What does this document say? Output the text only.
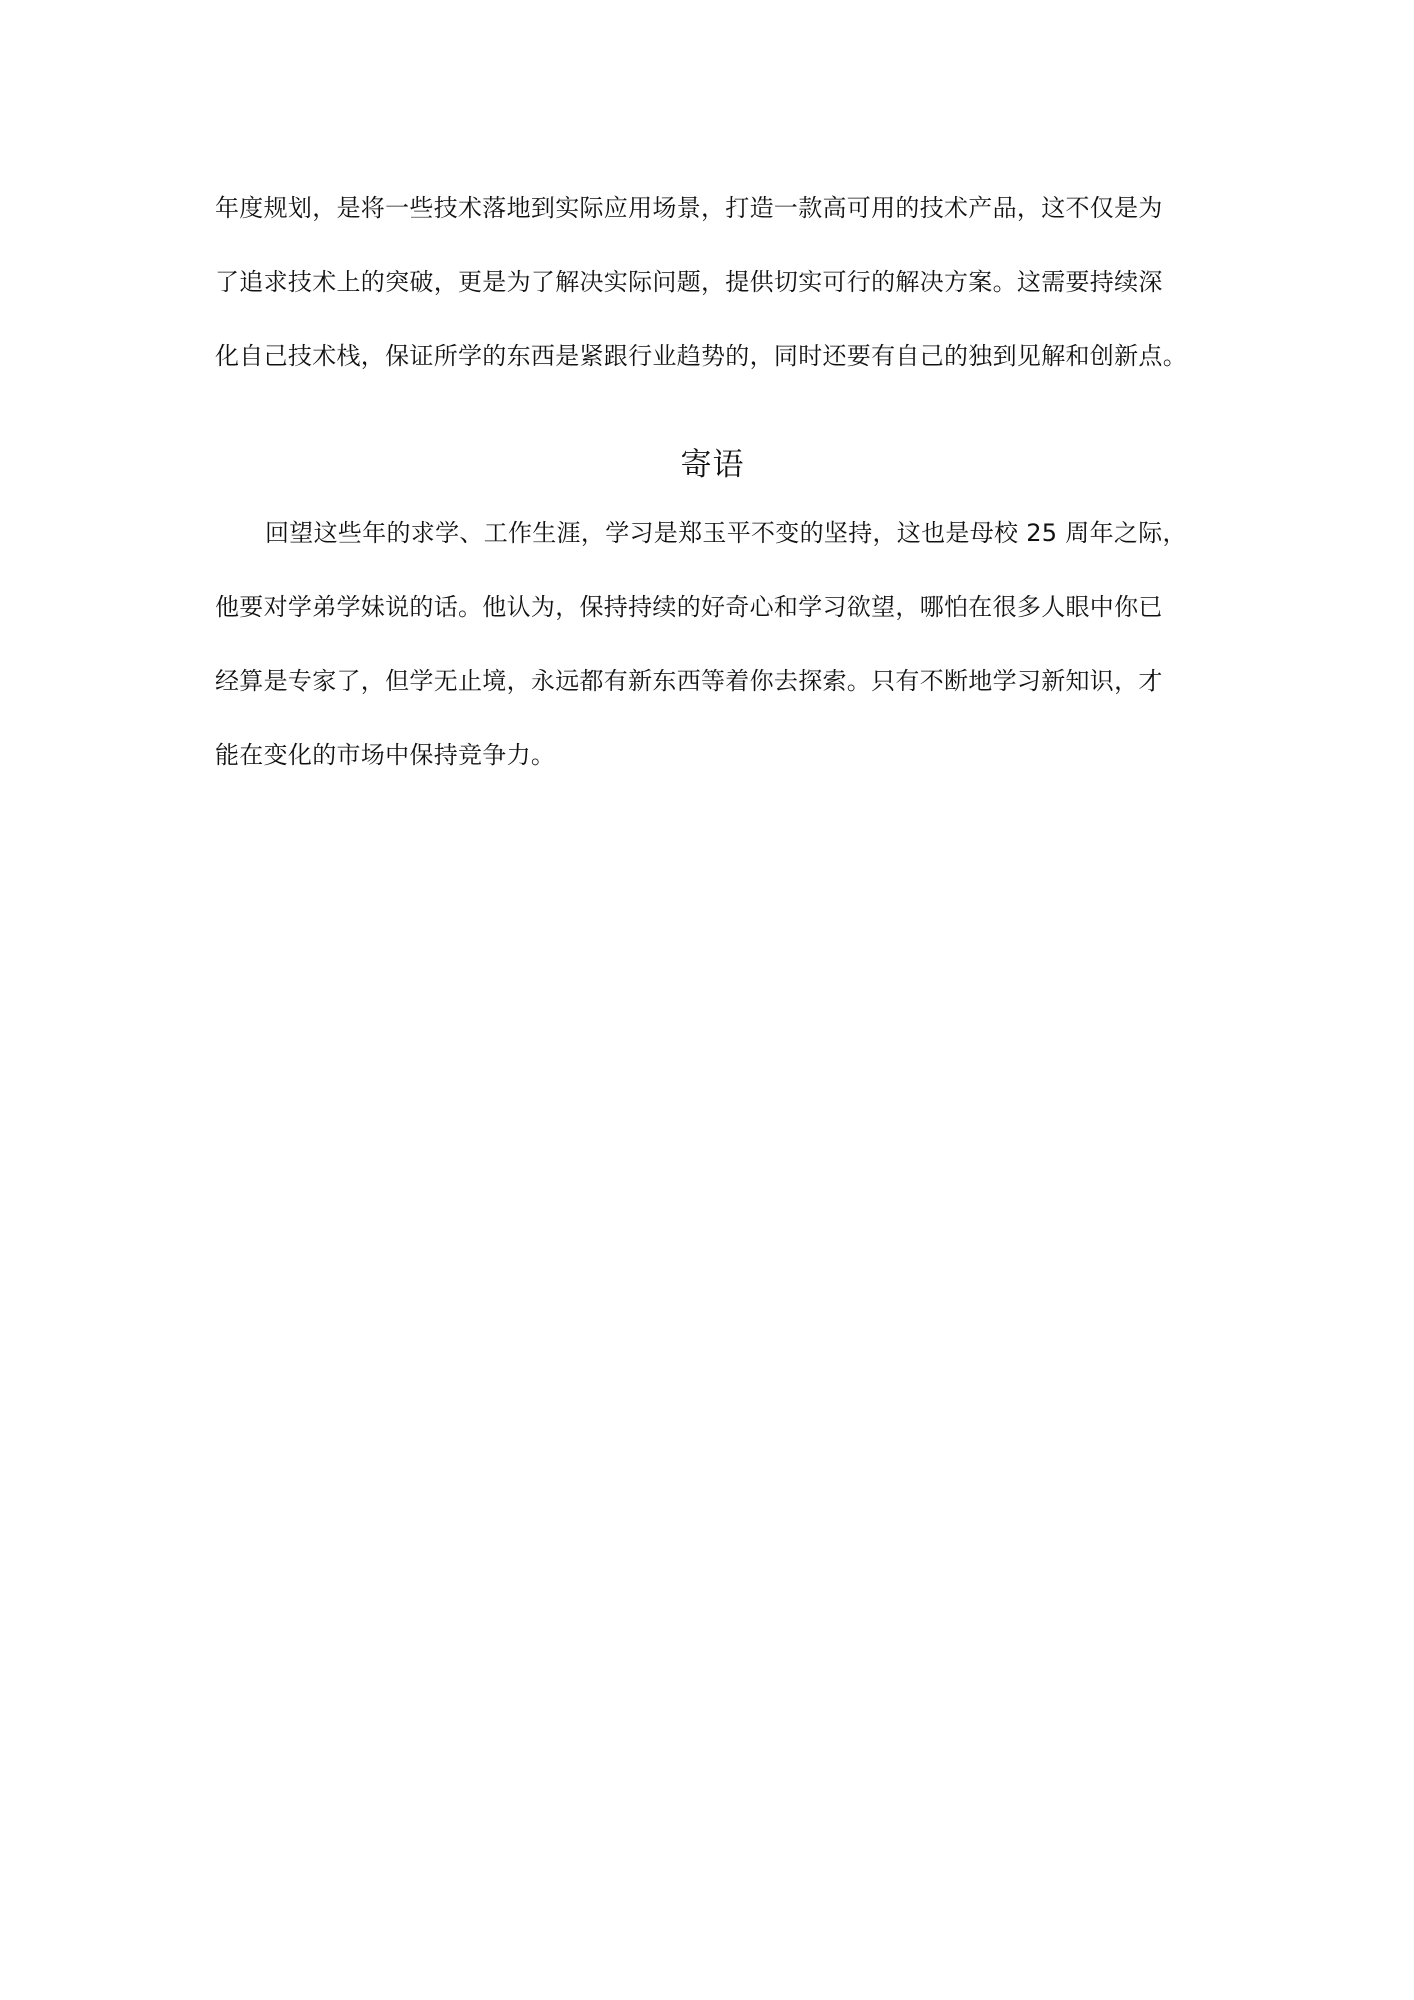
年度规划，是将一些技术落地到实际应用场景，打造一款高可用的技术产品，这不仅是为
了追求技术上的突破，更是为了解决实际问题，提供切实可行的解决方案。这需要持续深
化自己技术栈，保证所学的东西是紧跟行业趋势的，同时还要有自己的独到见解和创新点。
寄语
回望这些年的求学、工作生涯，学习是郑玉平不变的坚持，这也是母校 25 周年之际，
他要对学弟学妹说的话。他认为，保持持续的好奇心和学习欲望，哪怕在很多人眼中你已
经算是专家了，但学无止境，永远都有新东西等着你去探索。只有不断地学习新知识，才
能在变化的市场中保持竞争力。
